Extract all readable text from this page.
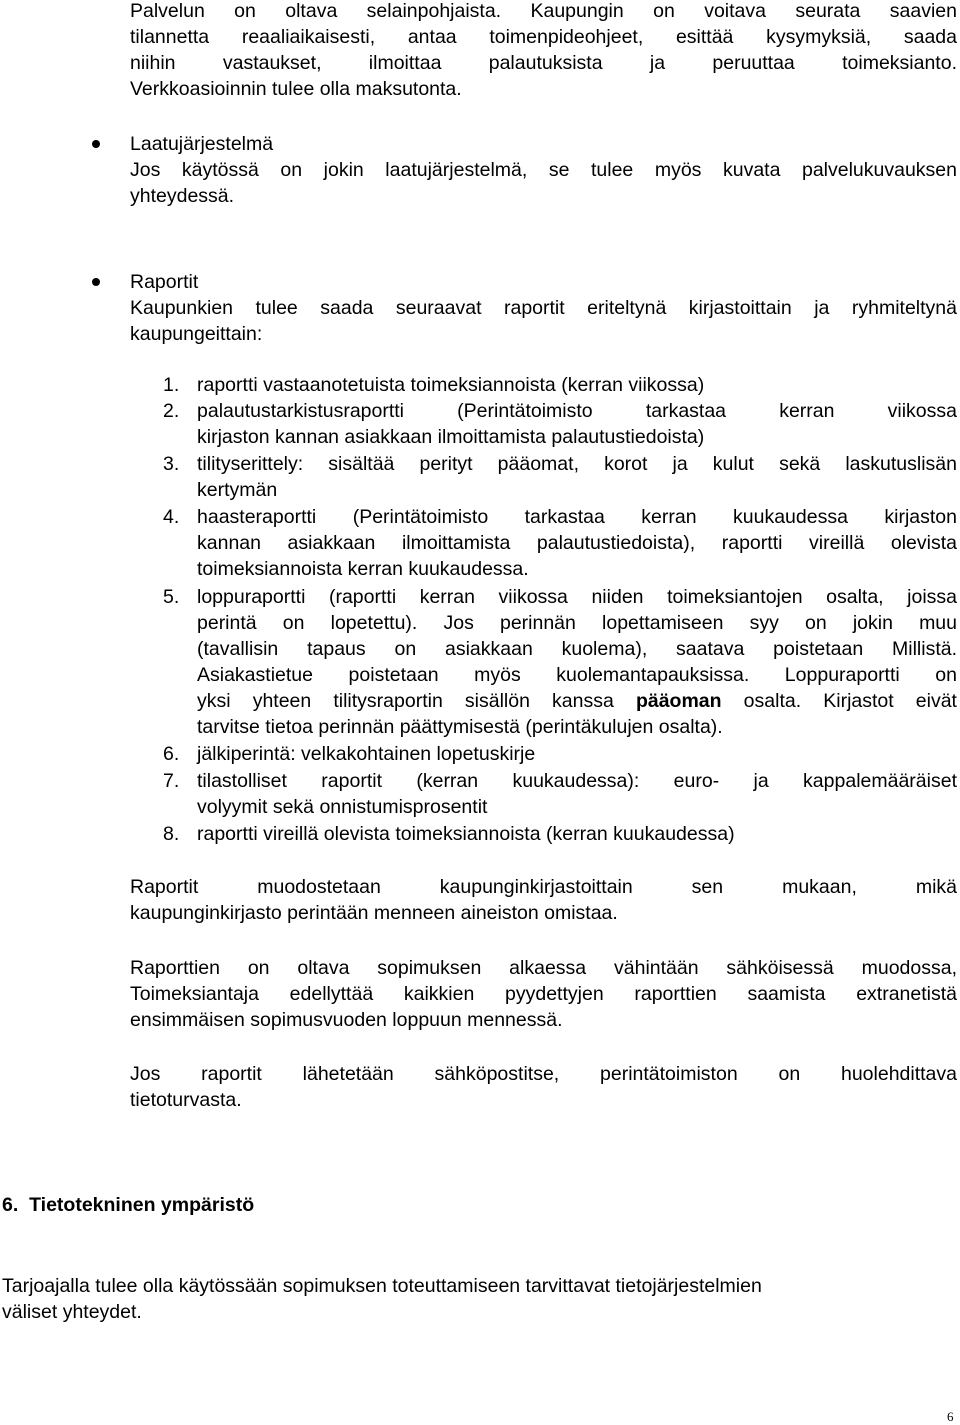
Palvelun on oltava selainpohjaista. Kaupungin on voitava seurata saavien
tilannetta reaaliaikaisesti, antaa toimenpideohjeet, esittää kysymyksiä, saada
niihin vastaukset, ilmoittaa palautuksista ja peruuttaa toimeksianto.
Verkkoasioinnin tulee olla maksutonta.
Laatujärjestelmä
Jos käytössä on jokin laatujärjestelmä, se tulee myös kuvata palvelukuvauksen
yhteydessä.
Raportit
Kaupunkien tulee saada seuraavat raportit eriteltynä kirjastoittain ja ryhmiteltynä
kaupungeittain:
1. raportti vastaanotetuista toimeksiannoista (kerran viikossa)
2. palautustarkistusraportti (Perintätoimisto tarkastaa kerran viikossa
kirjaston kannan asiakkaan ilmoittamista palautustiedoista)
3. tilityserittely: sisältää perityt pääomat, korot ja kulut sekä laskutuslisän
kertymän
4. haasteraportti (Perintätoimisto tarkastaa kerran kuukaudessa kirjaston
kannan asiakkaan ilmoittamista palautustiedoista), raportti vireillä olevista
toimeksiannoista kerran kuukaudessa.
5. loppuraportti (raportti kerran viikossa niiden toimeksiantojen osalta, joissa
perintä on lopetettu). Jos perinnän lopettamiseen syy on jokin muu
(tavallisin tapaus on asiakkaan kuolema), saatava poistetaan Millistä.
Asiakastietue poistetaan myös kuolemantapauksissa. Loppuraportti on
yksi yhteen tilitysraportin sisällön kanssa pääoman osalta. Kirjastot eivät
tarvitse tietoa perinnän päättymisestä (perintäkulujen osalta).
6. jälkiperintä: velkakohtainen lopetuskirje
7. tilastolliset raportit (kerran kuukaudessa): euro- ja kappalemääräiset
volyymit sekä onnistumisprosentit
8. raportti vireillä olevista toimeksiannoista (kerran kuukaudessa)
Raportit muodostetaan kaupunginkirjastoittain sen mukaan, mikä
kaupunginkirjasto perintään menneen aineiston omistaa.
Raporttien on oltava sopimuksen alkaessa vähintään sähköisessä muodossa,
Toimeksiantaja edellyttää kaikkien pyydettyjen raporttien saamista extranetistä
ensimmäisen sopimusvuoden loppuun mennessä.
Jos raportit lähetetään sähköpostitse, perintätoimiston on huolehdittava
tietoturvasta.
6.  Tietotekninen ympäristö
Tarjoajalla tulee olla käytössään sopimuksen toteuttamiseen tarvittavat tietojärjestelmien
väliset yhteydet.
6
